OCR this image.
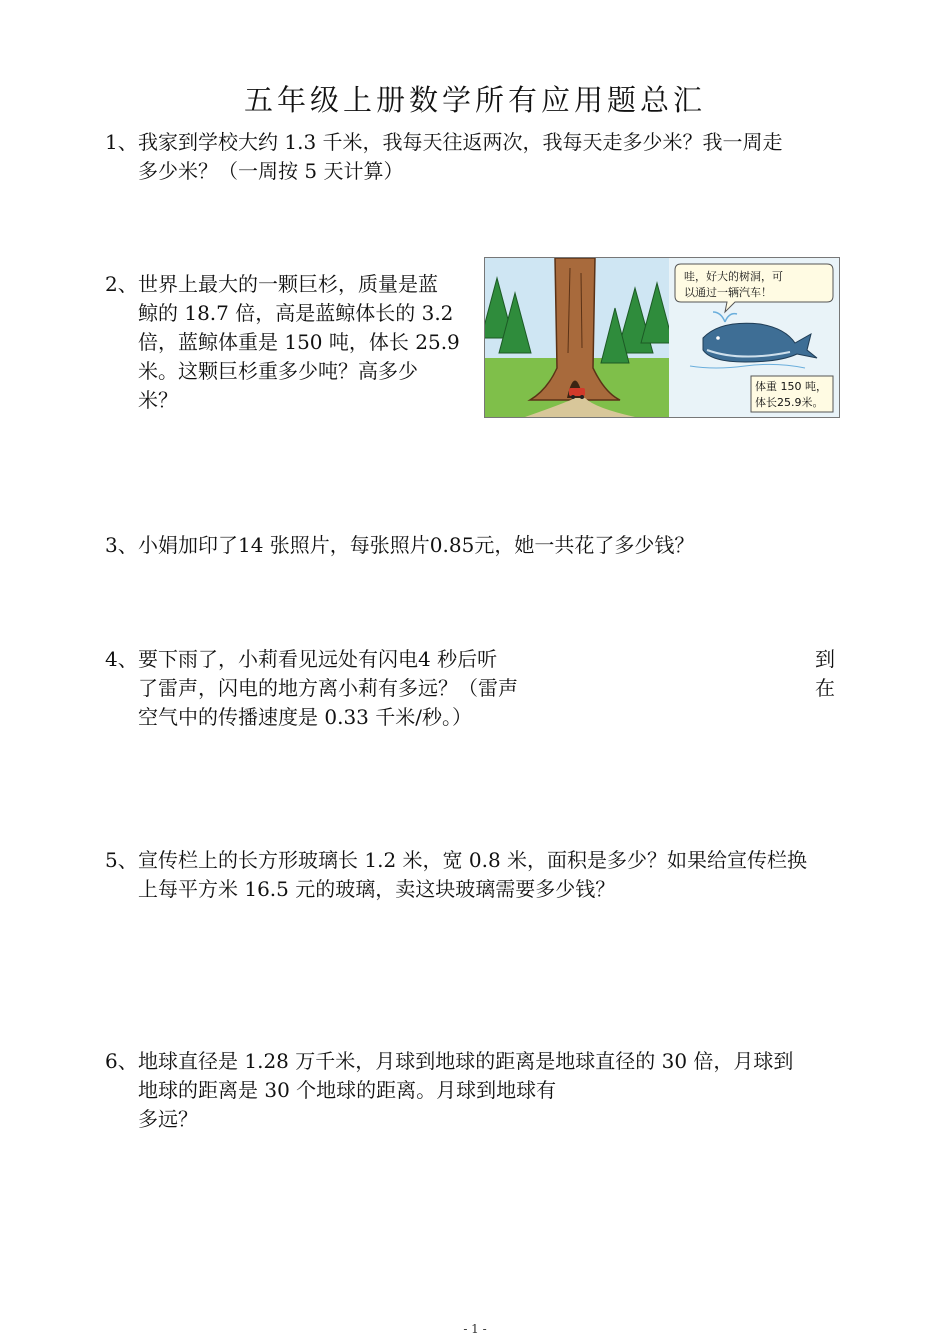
五年级上册数学所有应用题总汇
1、我家到学校大约 1.3 千米，我每天往返两次，我每天走多少米？我一周走
多少米？（一周按 5 天计算）
2、世界上最大的一颗巨杉，质量是蓝
鲸的 18.7 倍，高是蓝鲸体长的 3.2
倍，蓝鲸体重是 150 吨，体长 25.9
米。这颗巨杉重多少吨？高多少
米？
哇，好大的树洞，可 以通过一辆汽车！
体重 150 吨，
体长25.9米。
3、小娟加印了14 张照片，每张照片0.85元，她一共花了多少钱？
4、要下雨了，小莉看见远处有闪电4 秒后听
了雷声，闪电的地方离小莉有多远？（雷声
空气中的传播速度是 0.33 千米/秒。）
到
在
5、宣传栏上的长方形玻璃长 1.2 米，宽 0.8 米，面积是多少？如果给宣传栏换
上每平方米 16.5 元的玻璃，卖这块玻璃需要多少钱？
6、地球直径是 1.28 万千米，月球到地球的距离是地球直径的 30 倍，月球到
地球的距离是 30 个地球的距离。月球到地球有
多远？
- 1 -
